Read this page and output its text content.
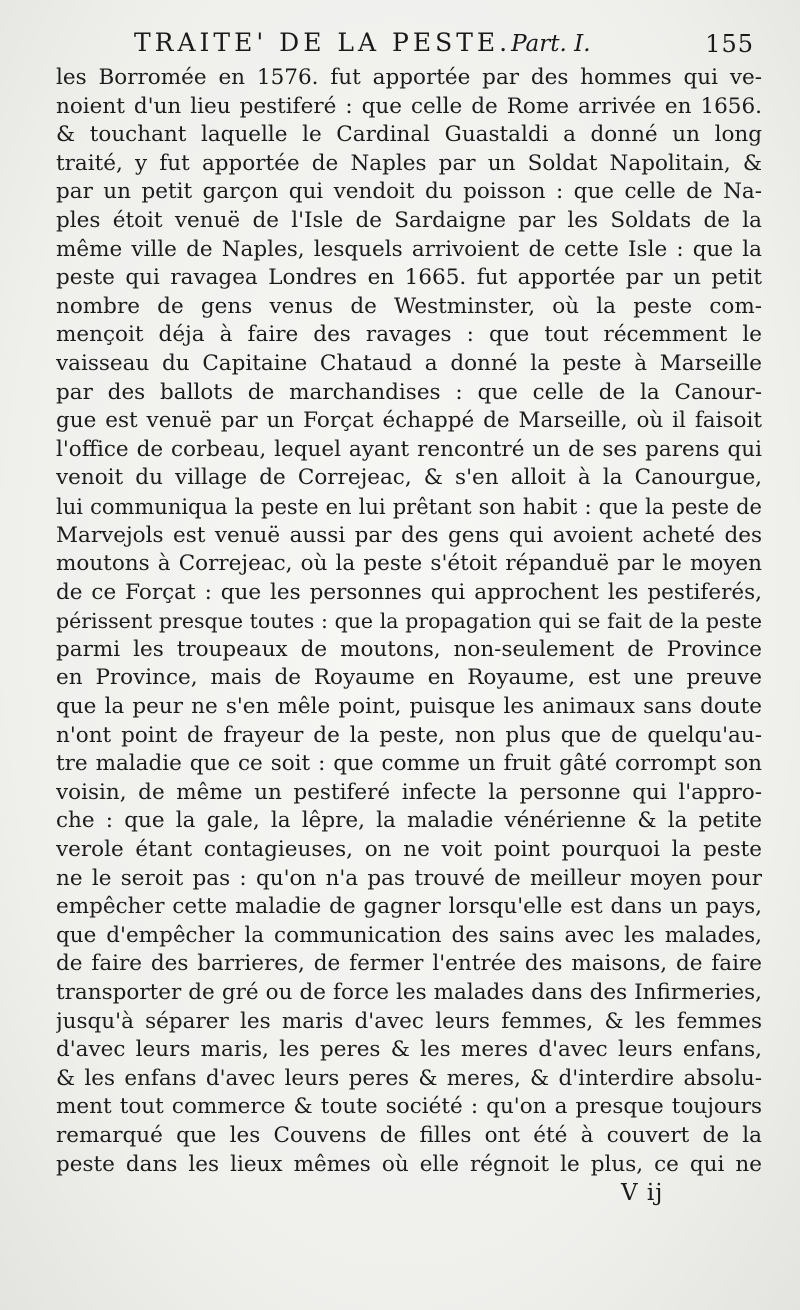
TRAITE' DE LA PESTE.Part. I.	155
les Borromée en 1576. fut apportée par des hommes qui ve-
noient d'un lieu pestiferé : que celle de Rome arrivée en 1656.
& touchant laquelle le Cardinal Guastaldi a donné un long
traité, y fut apportée de Naples par un Soldat Napolitain, &
par un petit garçon qui vendoit du poisson : que celle de Na-
ples étoit venuë de l'Isle de Sardaigne par les Soldats de la
même ville de Naples, lesquels arrivoient de cette Isle : que la
peste qui ravagea Londres en 1665. fut apportée par un petit
nombre de gens venus de Westminster, où la peste com-
mençoit déja à faire des ravages : que tout récemment le
vaisseau du Capitaine Chataud a donné la peste à Marseille
par des ballots de marchandises : que celle de la Canour-
gue est venuë par un Forçat échappé de Marseille, où il faisoit
l'office de corbeau, lequel ayant rencontré un de ses parens qui
venoit du village de Correjeac, & s'en alloit à la Canourgue,
lui communiqua la peste en lui prêtant son habit : que la peste de
Marvejols est venuë aussi par des gens qui avoient acheté des
moutons à Correjeac, où la peste s'étoit répanduë par le moyen
de ce Forçat : que les personnes qui approchent les pestiferés,
périssent presque toutes : que la propagation qui se fait de la peste
parmi les troupeaux de moutons, non-seulement de Province
en Province, mais de Royaume en Royaume, est une preuve
que la peur ne s'en mêle point, puisque les animaux sans doute
n'ont point de frayeur de la peste, non plus que de quelqu'au-
tre maladie que ce soit : que comme un fruit gâté corrompt son
voisin, de même un pestiferé infecte la personne qui l'appro-
che : que la gale, la lêpre, la maladie vénérienne & la petite
verole étant contagieuses, on ne voit point pourquoi la peste
ne le seroit pas : qu'on n'a pas trouvé de meilleur moyen pour
empêcher cette maladie de gagner lorsqu'elle est dans un pays,
que d'empêcher la communication des sains avec les malades,
de faire des barrieres, de fermer l'entrée des maisons, de faire
transporter de gré ou de force les malades dans des Infirmeries,
jusqu'à séparer les maris d'avec leurs femmes, & les femmes
d'avec leurs maris, les peres & les meres d'avec leurs enfans,
& les enfans d'avec leurs peres & meres, & d'interdire absolu-
ment tout commerce & toute société : qu'on a presque toujours
remarqué que les Couvens de filles ont été à couvert de la
peste dans les lieux mêmes où elle régnoit le plus, ce qui ne
V ij
